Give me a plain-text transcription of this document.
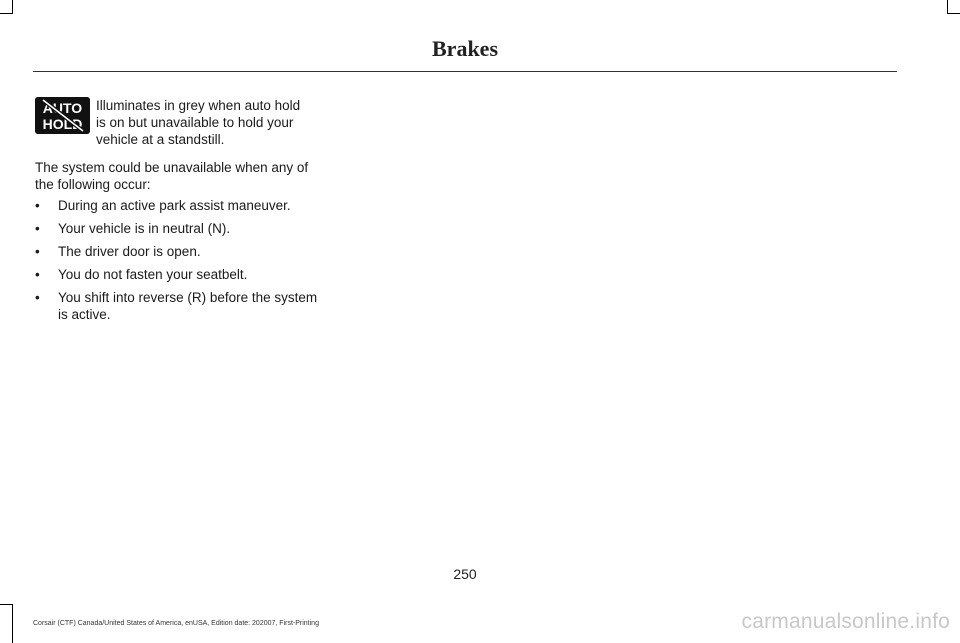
Brakes
AUTO
HOLD
Illuminates in grey when auto hold is on but unavailable to hold your vehicle at a standstill.
The system could be unavailable when any of the following occur:
• During an active park assist maneuver.
• Your vehicle is in neutral (N).
• The driver door is open.
• You do not fasten your seatbelt.
• You shift into reverse (R) before the system is active.
250
Corsair (CTF) Canada/United States of America, enUSA, Edition date: 202007, First-Printing	carmanualsonline.info
